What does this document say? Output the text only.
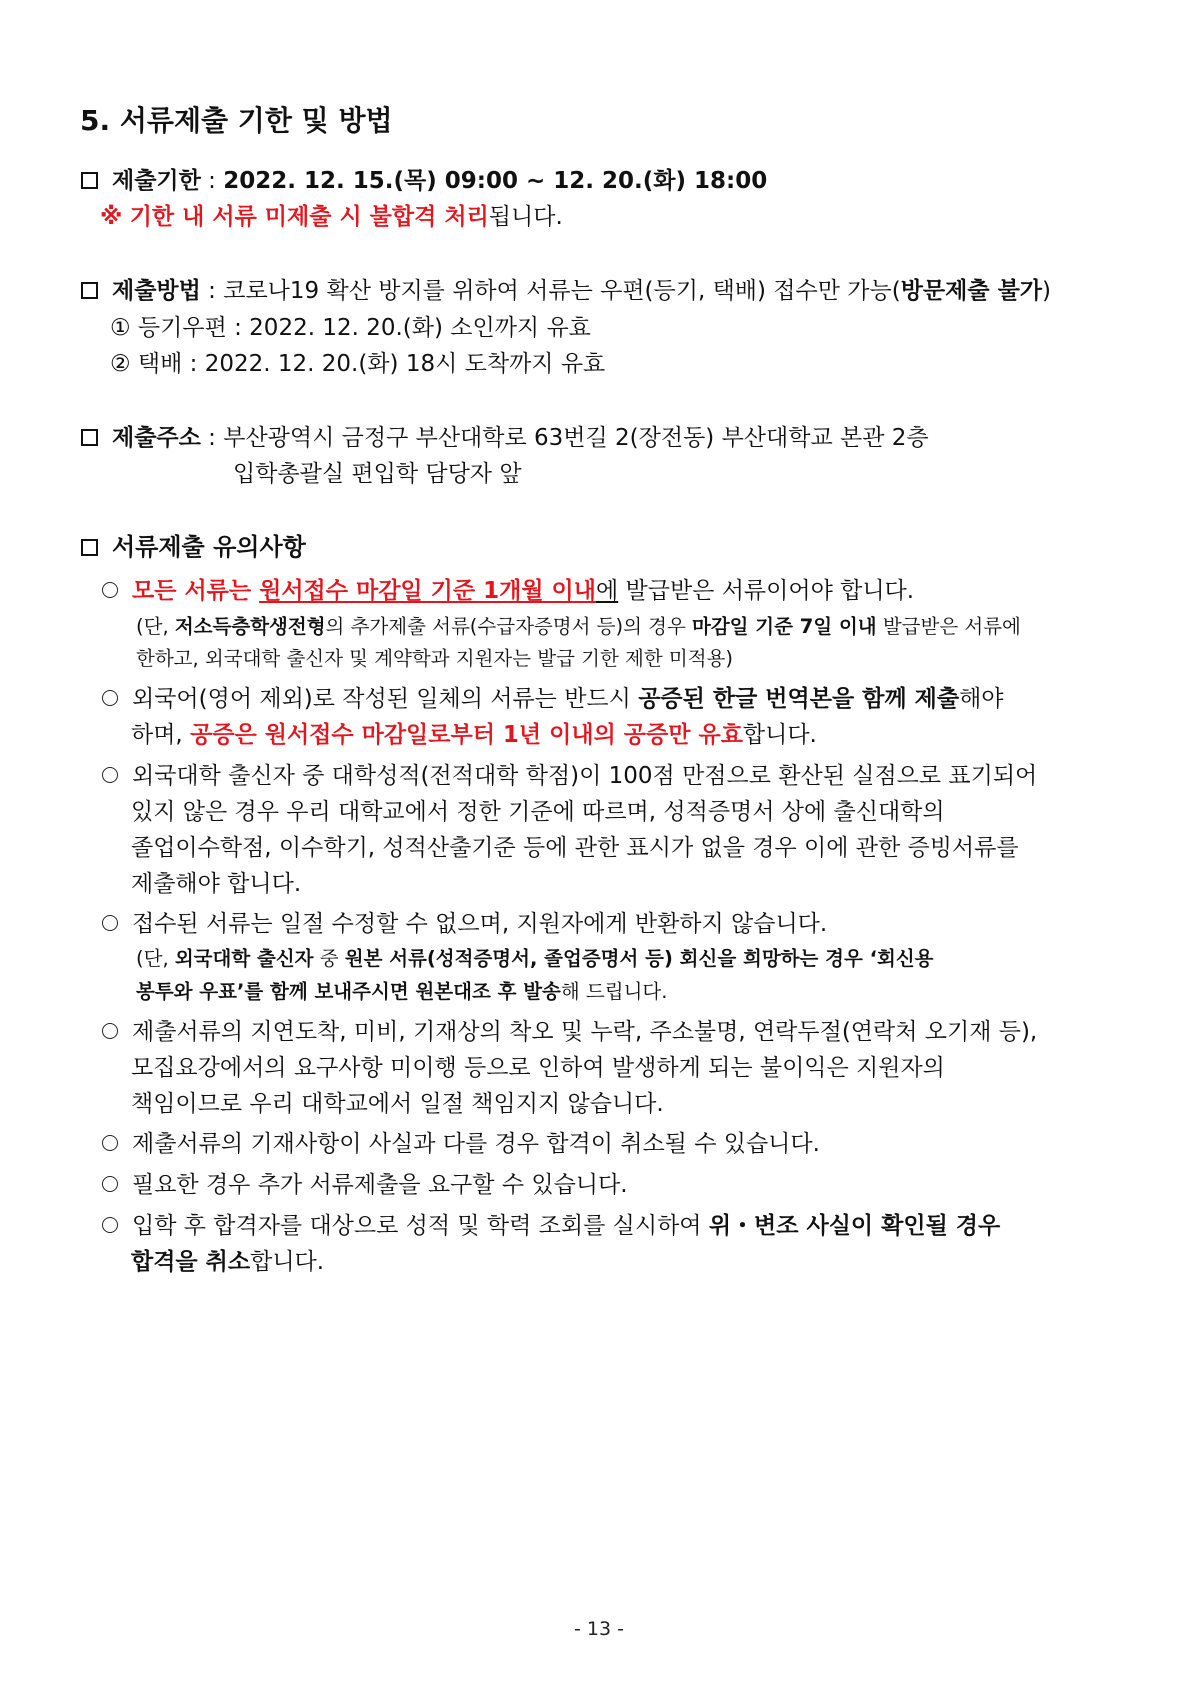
5. 서류제출 기한 및 방법
제출기한 : 2022. 12. 15.(목) 09:00 ~ 12. 20.(화) 18:00
※ 기한 내 서류 미제출 시 불합격 처리됩니다.
제출방법 : 코로나19 확산 방지를 위하여 서류는 우편(등기, 택배) 접수만 가능(방문제출 불가)
① 등기우편 : 2022. 12. 20.(화) 소인까지 유효
② 택배 : 2022. 12. 20.(화) 18시 도착까지 유효
제출주소 : 부산광역시 금정구 부산대학로 63번길 2(장전동) 부산대학교 본관 2층
입학총괄실 편입학 담당자 앞
서류제출 유의사항
모든 서류는 원서접수 마감일 기준 1개월 이내에 발급받은 서류이어야 합니다.
(단, 저소득층학생전형의 추가제출 서류(수급자증명서 등)의 경우 마감일 기준 7일 이내 발급받은 서류에
한하고, 외국대학 출신자 및 계약학과 지원자는 발급 기한 제한 미적용)
외국어(영어 제외)로 작성된 일체의 서류는 반드시 공증된 한글 번역본을 함께 제출해야
하며, 공증은 원서접수 마감일로부터 1년 이내의 공증만 유효합니다.
외국대학 출신자 중 대학성적(전적대학 학점)이 100점 만점으로 환산된 실점으로 표기되어
있지 않은 경우 우리 대학교에서 정한 기준에 따르며, 성적증명서 상에 출신대학의
졸업이수학점, 이수학기, 성적산출기준 등에 관한 표시가 없을 경우 이에 관한 증빙서류를
제출해야 합니다.
접수된 서류는 일절 수정할 수 없으며, 지원자에게 반환하지 않습니다.
(단, 외국대학 출신자 중 원본 서류(성적증명서, 졸업증명서 등) 회신을 희망하는 경우 ‘회신용
봉투와 우표’를 함께 보내주시면 원본대조 후 발송해 드립니다.
제출서류의 지연도착, 미비, 기재상의 착오 및 누락, 주소불명, 연락두절(연락처 오기재 등),
모집요강에서의 요구사항 미이행 등으로 인하여 발생하게 되는 불이익은 지원자의
책임이므로 우리 대학교에서 일절 책임지지 않습니다.
제출서류의 기재사항이 사실과 다를 경우 합격이 취소될 수 있습니다.
필요한 경우 추가 서류제출을 요구할 수 있습니다.
입학 후 합격자를 대상으로 성적 및 학력 조회를 실시하여 위・변조 사실이 확인될 경우
합격을 취소합니다.
- 13 -
